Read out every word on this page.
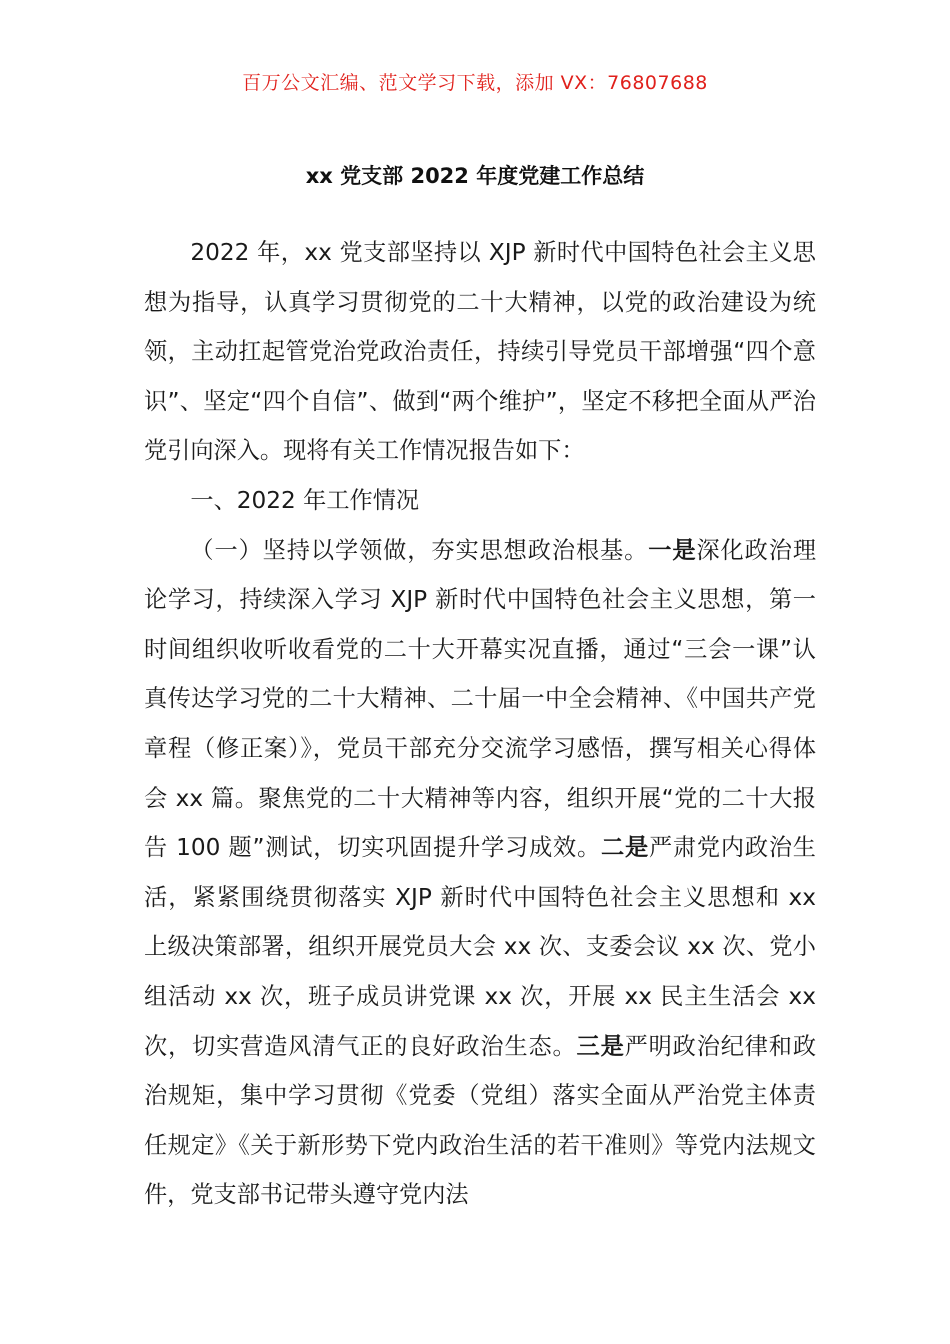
百万公文汇编、范文学习下载，添加 VX：76807688
xx 党支部 2022 年度党建工作总结

2022 年，xx 党支部坚持以 XJP 新时代中国特色社会主义思想为指导，认真学习贯彻党的二十大精神，以党的政治建设为统领，主动扛起管党治党政治责任，持续引导党员干部增强“四个意识”、坚定“四个自信”、做到“两个维护”，坚定不移把全面从严治党引向深入。现将有关工作情况报告如下：

一、2022 年工作情况

（一）坚持以学领做，夯实思想政治根基。一是深化政治理论学习，持续深入学习 XJP 新时代中国特色社会主义思想，第一时间组织收听收看党的二十大开幕实况直播，通过“三会一课”认真传达学习党的二十大精神、二十届一中全会精神、《中国共产党章程（修正案）》，党员干部充分交流学习感悟，撰写相关心得体会 xx 篇。聚焦党的二十大精神等内容，组织开展“党的二十大报告 100 题”测试，切实巩固提升学习成效。二是严肃党内政治生活，紧紧围绕贯彻落实 XJP 新时代中国特色社会主义思想和 xx 上级决策部署，组织开展党员大会 xx 次、支委会议 xx 次、党小组活动 xx 次，班子成员讲党课 xx 次，开展 xx 民主生活会 xx 次，切实营造风清气正的良好政治生态。三是严明政治纪律和政治规矩，集中学习贯彻《党委（党组）落实全面从严治党主体责任规定》《关于新形势下党内政治生活的若干准则》等党内法规文件，党支部书记带头遵守党内法
